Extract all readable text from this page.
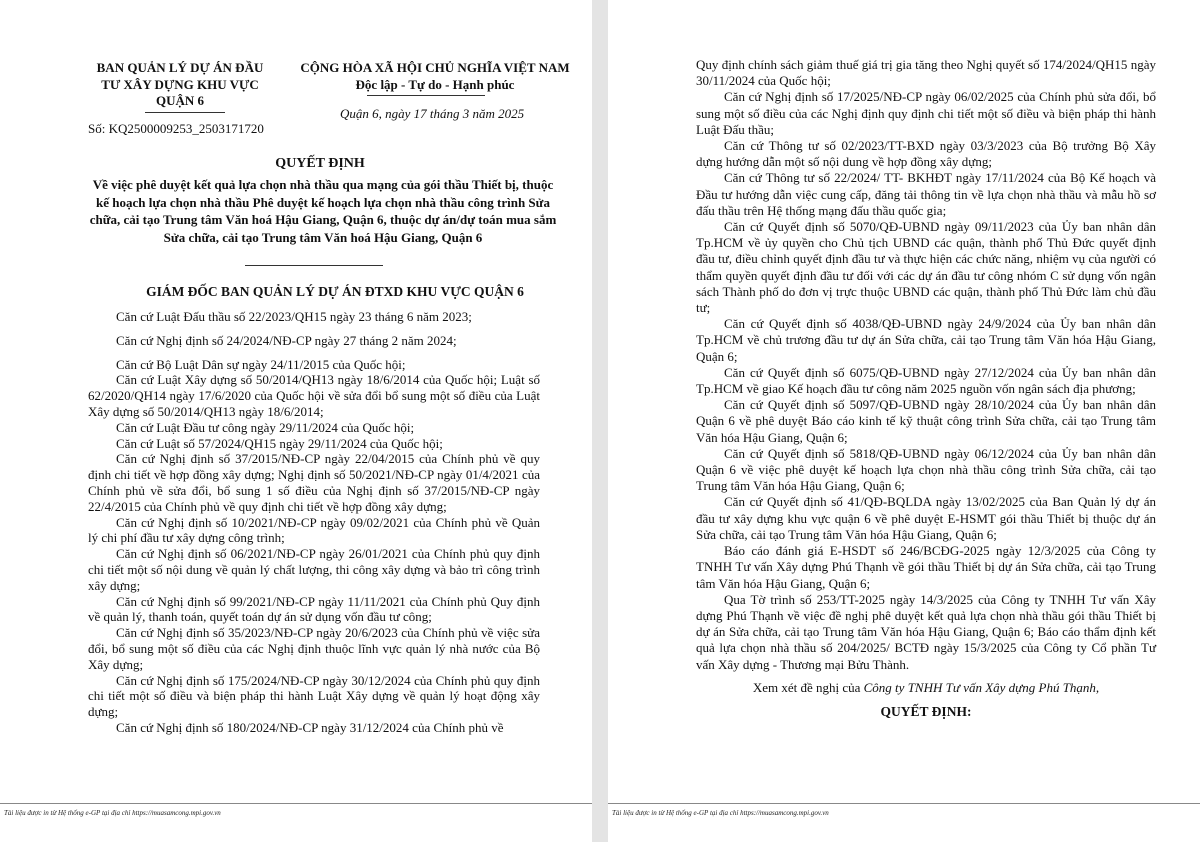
BAN QUẢN LÝ DỰ ÁN ĐẦU
TƯ XÂY DỰNG KHU VỰC
QUẬN 6
CỘNG HÒA XÃ HỘI CHỦ NGHĨA VIỆT NAM
Độc lập - Tự do - Hạnh phúc
Số: KQ2500009253_2503171720
Quận 6, ngày 17 tháng 3 năm 2025
QUYẾT ĐỊNH
Về việc phê duyệt kết quả lựa chọn nhà thầu qua mạng của gói thầu Thiết bị, thuộc kế hoạch lựa chọn nhà thầu Phê duyệt kế hoạch lựa chọn nhà thầu công trình Sửa chữa, cải tạo Trung tâm Văn hoá Hậu Giang, Quận 6, thuộc dự án/dự toán mua sắm Sửa chữa, cải tạo Trung tâm Văn hoá Hậu Giang, Quận 6
GIÁM ĐỐC BAN QUẢN LÝ DỰ ÁN ĐTXD KHU VỰC QUẬN 6

Căn cứ Luật Đấu thầu số 22/2023/QH15 ngày 23 tháng 6 năm 2023;

Căn cứ Nghị định số 24/2024/NĐ-CP ngày 27 tháng 2 năm 2024;

Căn cứ Bộ Luật Dân sự ngày 24/11/2015 của Quốc hội;

Căn cứ Luật Xây dựng số 50/2014/QH13 ngày 18/6/2014 của Quốc hội; Luật số 62/2020/QH14 ngày 17/6/2020 của Quốc hội về sửa đổi bổ sung một số điều của Luật Xây dựng số 50/2014/QH13 ngày 18/6/2014;

Căn cứ Luật Đầu tư công ngày 29/11/2024 của Quốc hội;

Căn cứ Luật số 57/2024/QH15 ngày 29/11/2024 của Quốc hội;

Căn cứ Nghị định số 37/2015/NĐ-CP ngày 22/04/2015 của Chính phủ về quy định chi tiết về hợp đồng xây dựng; Nghị định số 50/2021/NĐ-CP ngày 01/4/2021 của Chính phủ về sửa đổi, bổ sung 1 số điều của Nghị định số 37/2015/NĐ-CP ngày 22/4/2015 của Chính phủ về quy định chi tiết về hợp đồng xây dựng;

Căn cứ Nghị định số 10/2021/NĐ-CP ngày 09/02/2021 của Chính phủ về Quản lý chi phí đầu tư xây dựng công trình;

Căn cứ Nghị định số 06/2021/NĐ-CP ngày 26/01/2021 của Chính phủ quy định chi tiết một số nội dung về quản lý chất lượng, thi công xây dựng và bảo trì công trình xây dựng;

Căn cứ Nghị định số 99/2021/NĐ-CP ngày 11/11/2021 của Chính phủ Quy định về quản lý, thanh toán, quyết toán dự án sử dụng vốn đầu tư công;

Căn cứ Nghị định số 35/2023/NĐ-CP ngày 20/6/2023 của Chính phủ về việc sửa đổi, bổ sung một số điều của các Nghị định thuộc lĩnh vực quản lý nhà nước của Bộ Xây dựng;

Căn cứ Nghị định số 175/2024/NĐ-CP ngày 30/12/2024 của Chính phủ quy định chi tiết một số điều và biện pháp thi hành Luật Xây dựng về quản lý hoạt động xây dựng;

Căn cứ Nghị định số 180/2024/NĐ-CP ngày 31/12/2024 của Chính phủ về

Tài liệu được in từ Hệ thống e-GP tại địa chỉ https://muasamcong.mpi.gov.vn

Quy định chính sách giảm thuế giá trị gia tăng theo Nghị quyết số 174/2024/QH15 ngày 30/11/2024 của Quốc hội;

Căn cứ Nghị định số 17/2025/NĐ-CP ngày 06/02/2025 của Chính phủ sửa đổi, bổ sung một số điều của các Nghị định quy định chi tiết một số điều và biện pháp thi hành Luật Đấu thầu;

Căn cứ Thông tư số 02/2023/TT-BXD ngày 03/3/2023 của Bộ trưởng Bộ Xây dựng hướng dẫn một số nội dung về hợp đồng xây dựng;

Căn cứ Thông tư số 22/2024/ TT- BKHĐT ngày 17/11/2024 của Bộ Kế hoạch và Đầu tư hướng dẫn việc cung cấp, đăng tải thông tin về lựa chọn nhà thầu và mẫu hồ sơ đấu thầu trên Hệ thống mạng đấu thầu quốc gia;

Căn cứ Quyết định số 5070/QĐ-UBND ngày 09/11/2023 của Ủy ban nhân dân Tp.HCM về ủy quyền cho Chủ tịch UBND các quận, thành phố Thủ Đức quyết định đầu tư, điều chỉnh quyết định đầu tư và thực hiện các chức năng, nhiệm vụ của người có thẩm quyền quyết định đầu tư đối với các dự án đầu tư công nhóm C sử dụng vốn ngân sách Thành phố do đơn vị trực thuộc UBND các quận, thành phố Thủ Đức làm chủ đầu tư;

Căn cứ Quyết định số 4038/QĐ-UBND ngày 24/9/2024 của Ủy ban nhân dân Tp.HCM về chủ trương đầu tư dự án Sửa chữa, cải tạo Trung tâm Văn hóa Hậu Giang, Quận 6;

Căn cứ Quyết định số 6075/QĐ-UBND ngày 27/12/2024 của Ủy ban nhân dân Tp.HCM về giao Kế hoạch đầu tư công năm 2025 nguồn vốn ngân sách địa phương;

Căn cứ Quyết định số 5097/QĐ-UBND ngày 28/10/2024 của Ủy ban nhân dân Quận 6 về phê duyệt Báo cáo kinh tế kỹ thuật công trình Sửa chữa, cải tạo Trung tâm Văn hóa Hậu Giang, Quận 6;

Căn cứ Quyết định số 5818/QĐ-UBND ngày 06/12/2024 của Ủy ban nhân dân Quận 6 về việc phê duyệt kế hoạch lựa chọn nhà thầu công trình Sửa chữa, cải tạo Trung tâm Văn hóa Hậu Giang, Quận 6;

Căn cứ Quyết định số 41/QĐ-BQLDA ngày 13/02/2025 của Ban Quản lý dự án đầu tư xây dựng khu vực quận 6 về phê duyệt E-HSMT gói thầu Thiết bị thuộc dự án Sửa chữa, cải tạo Trung tâm Văn hóa Hậu Giang, Quận 6;

Báo cáo đánh giá E-HSDT số 246/BCĐG-2025 ngày 12/3/2025 của Công ty TNHH Tư vấn Xây dựng Phú Thạnh về gói thầu Thiết bị dự án Sửa chữa, cải tạo Trung tâm Văn hóa Hậu Giang, Quận 6;

Qua Tờ trình số 253/TT-2025 ngày 14/3/2025 của Công ty TNHH Tư vấn Xây dựng Phú Thạnh về việc đề nghị phê duyệt kết quả lựa chọn nhà thầu gói thầu Thiết bị dự án Sửa chữa, cải tạo Trung tâm Văn hóa Hậu Giang, Quận 6; Báo cáo thẩm định kết quả lựa chọn nhà thầu số 204/2025/ BCTĐ ngày 15/3/2025 của Công ty Cổ phần Tư vấn Xây dựng - Thương mại Bửu Thành.

Xem xét đề nghị của Công ty TNHH Tư vấn Xây dựng Phú Thạnh,

QUYẾT ĐỊNH:
Tài liệu được in từ Hệ thống e-GP tại địa chỉ https://muasamcong.mpi.gov.vn
